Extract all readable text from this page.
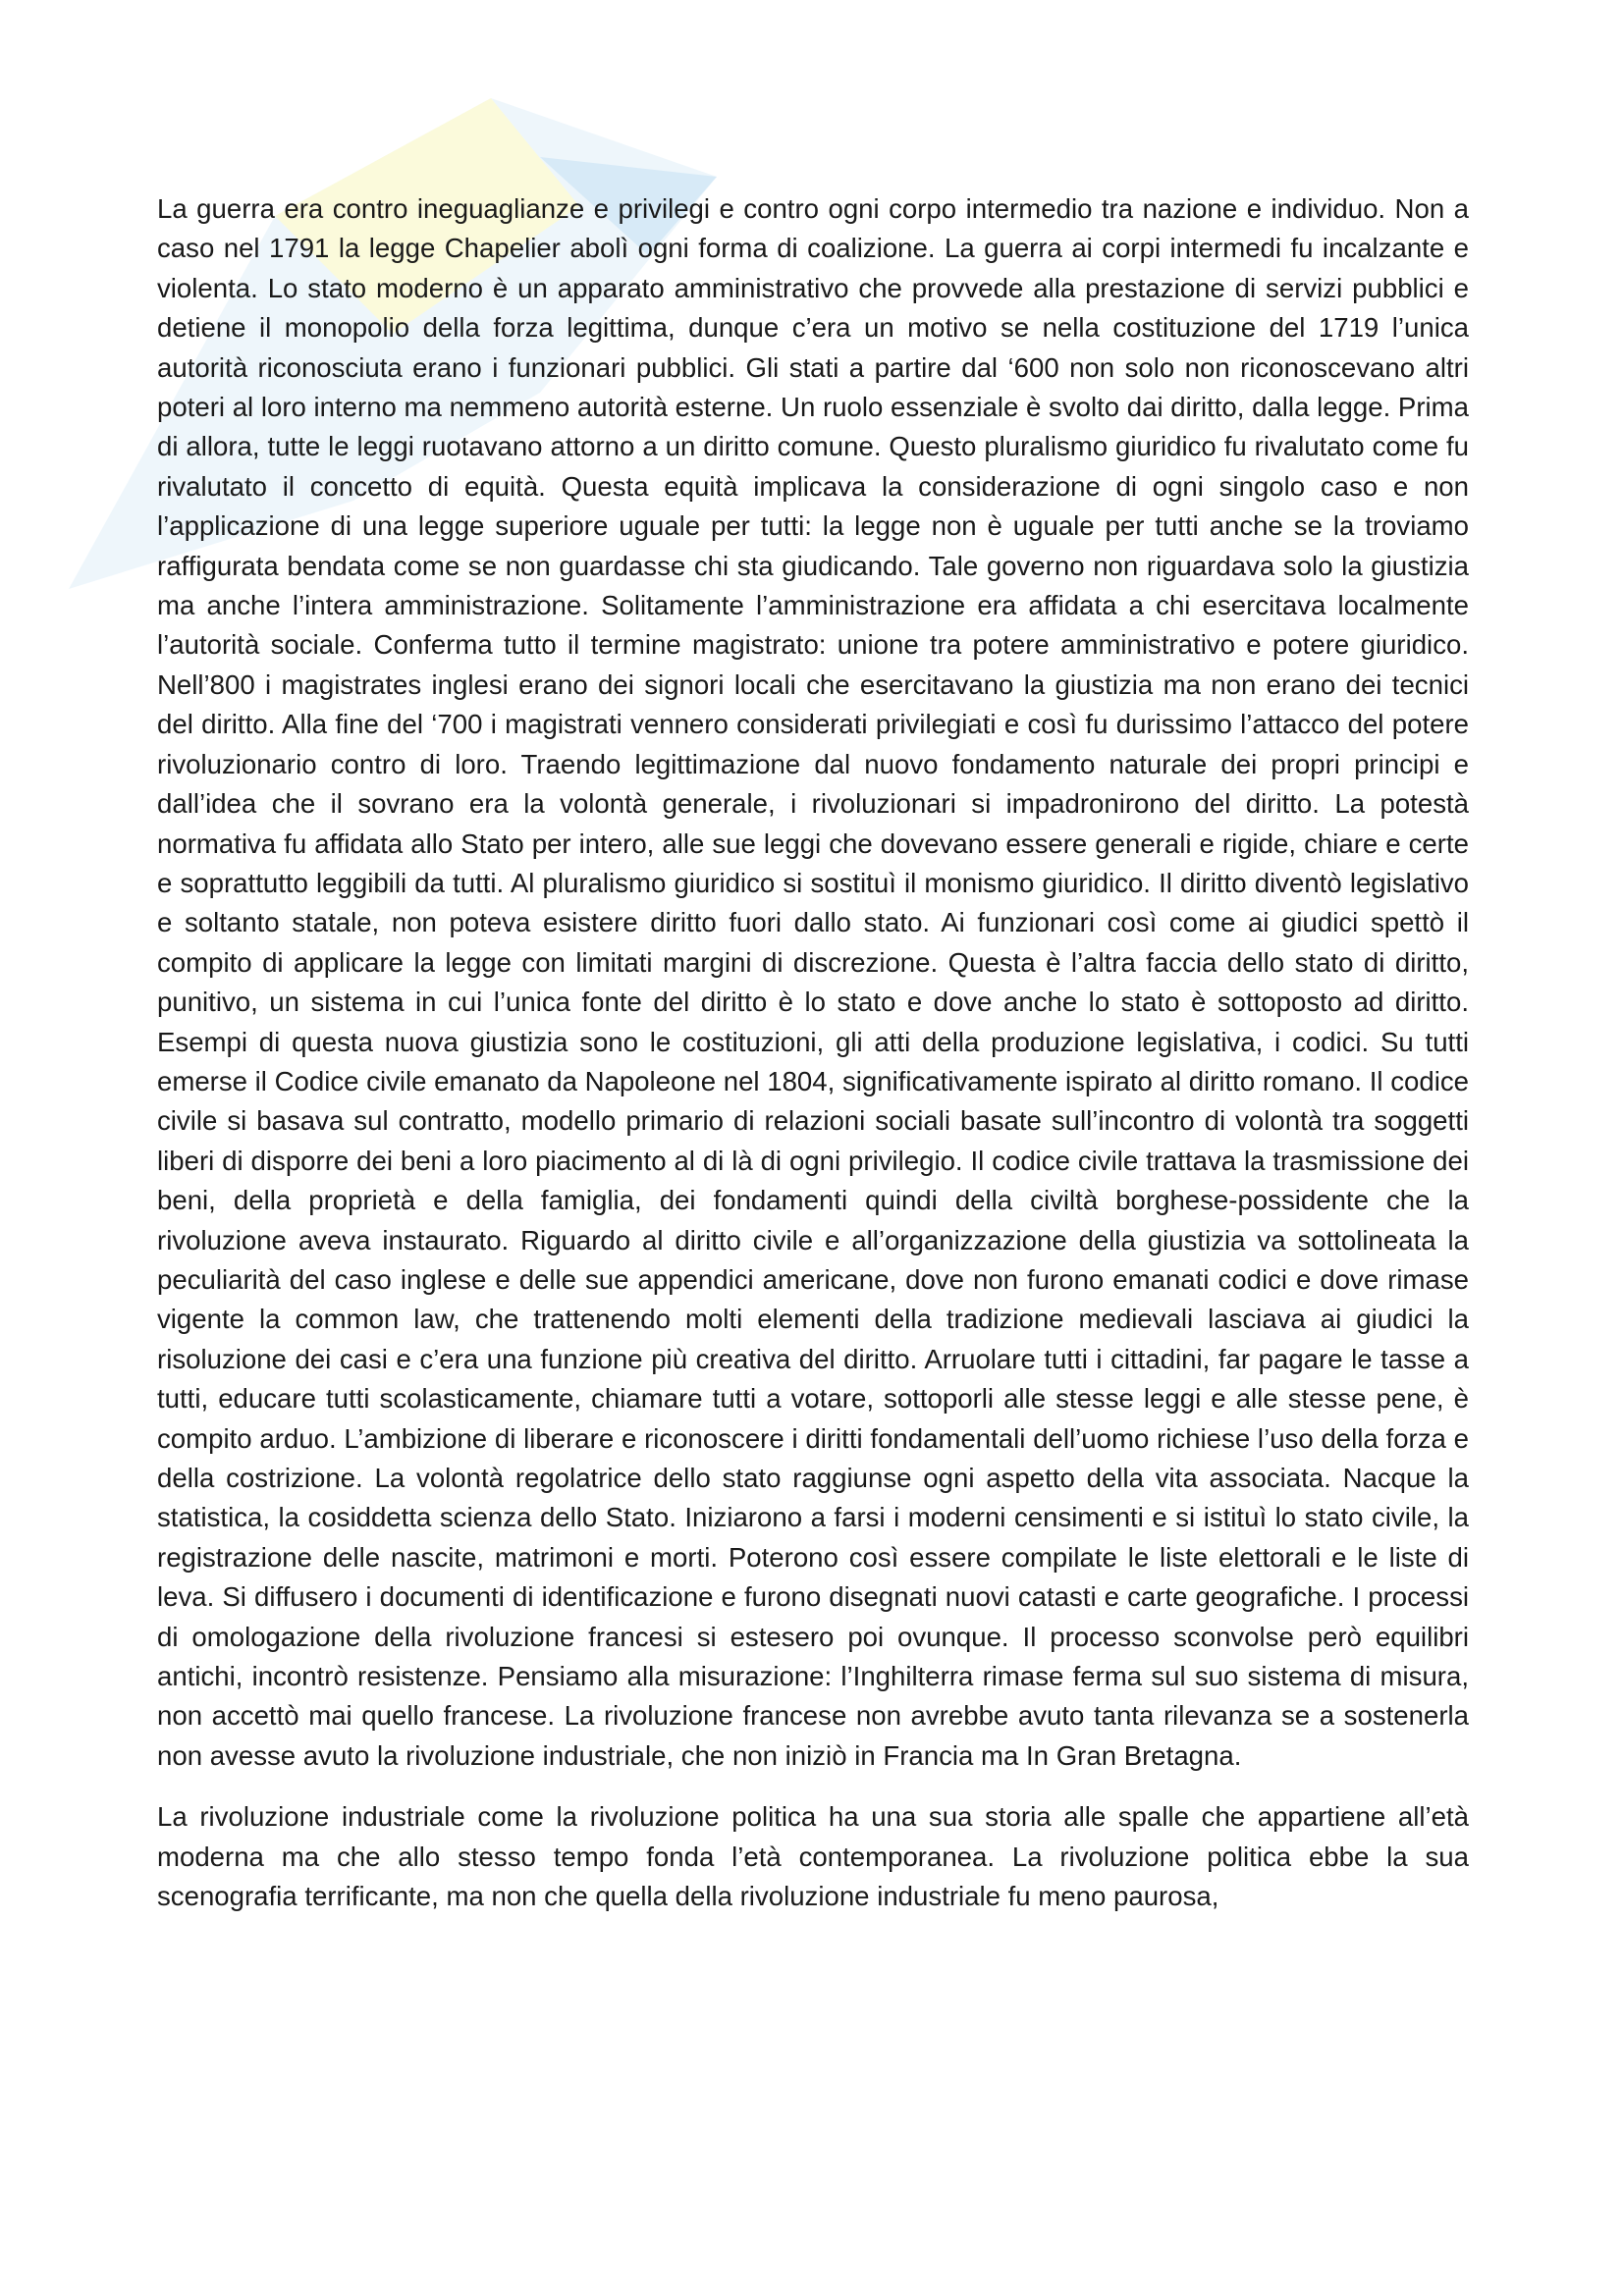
La guerra era contro ineguaglianze e privilegi e contro ogni corpo intermedio tra nazione e individuo. Non a caso nel 1791 la legge Chapelier abolì ogni forma di coalizione. La guerra ai corpi intermedi fu incalzante e violenta. Lo stato moderno è un apparato amministrativo che provvede alla prestazione di servizi pubblici e detiene il monopolio della forza legittima, dunque c’era un motivo se nella costituzione del 1719 l’unica autorità riconosciuta erano i funzionari pubblici. Gli stati a partire dal ‘600 non solo non riconoscevano altri poteri al loro interno ma nemmeno autorità esterne. Un ruolo essenziale è svolto dai diritto, dalla legge. Prima di allora, tutte le leggi ruotavano attorno a un diritto comune. Questo pluralismo giuridico fu rivalutato come fu rivalutato il concetto di equità. Questa equità implicava la considerazione di ogni singolo caso e non l’applicazione di una legge superiore uguale per tutti: la legge non è uguale per tutti anche se la troviamo raffigurata bendata come se non guardasse chi sta giudicando. Tale governo non riguardava solo la giustizia ma anche l’intera amministrazione. Solitamente l’amministrazione era affidata a chi esercitava localmente l’autorità sociale. Conferma tutto il termine magistrato: unione tra potere amministrativo e potere giuridico. Nell’800 i magistrates inglesi erano dei signori locali che esercitavano la giustizia ma non erano dei tecnici del diritto. Alla fine del ‘700 i magistrati vennero considerati privilegiati e così fu durissimo l’attacco del potere rivoluzionario contro di loro. Traendo legittimazione dal nuovo fondamento naturale dei propri principi e dall’idea che il sovrano era la volontà generale, i rivoluzionari si impadronirono del diritto. La potestà normativa fu affidata allo Stato per intero, alle sue leggi che dovevano essere generali e rigide, chiare e certe e soprattutto leggibili da tutti. Al pluralismo giuridico si sostituì il monismo giuridico. Il diritto diventò legislativo e soltanto statale, non poteva esistere diritto fuori dallo stato. Ai funzionari così come ai giudici spettò il compito di applicare la legge con limitati margini di discrezione. Questa è l’altra faccia dello stato di diritto, punitivo, un sistema in cui l’unica fonte del diritto è lo stato e dove anche lo stato è sottoposto ad diritto. Esempi di questa nuova giustizia sono le costituzioni, gli atti della produzione legislativa, i codici. Su tutti emerse il Codice civile emanato da Napoleone nel 1804, significativamente ispirato al diritto romano. Il codice civile si basava sul contratto, modello primario di relazioni sociali basate sull’incontro di volontà tra soggetti liberi di disporre dei beni a loro piacimento al di là di ogni privilegio. Il codice civile trattava la trasmissione dei beni, della proprietà e della famiglia, dei fondamenti quindi della civiltà borghese-possidente che la rivoluzione aveva instaurato. Riguardo al diritto civile e all’organizzazione della giustizia va sottolineata la peculiarità del caso inglese e delle sue appendici americane, dove non furono emanati codici e dove rimase vigente la common law, che trattenendo molti elementi della tradizione medievali lasciava ai giudici la risoluzione dei casi e c’era una funzione più creativa del diritto. Arruolare tutti i cittadini, far pagare le tasse a tutti, educare tutti scolasticamente, chiamare tutti a votare, sottoporli alle stesse leggi e alle stesse pene, è compito arduo. L’ambizione di liberare e riconoscere i diritti fondamentali dell’uomo richiese l’uso della forza e della costrizione. La volontà regolatrice dello stato raggiunse ogni aspetto della vita associata. Nacque la statistica, la cosiddetta scienza dello Stato. Iniziarono a farsi i moderni censimenti e si istituì lo stato civile, la registrazione delle nascite, matrimoni e morti. Poterono così essere compilate le liste elettorali e le liste di leva. Si diffusero i documenti di identificazione e furono disegnati nuovi catasti e carte geografiche. I processi di omologazione della rivoluzione francesi si estesero poi ovunque. Il processo sconvolse però equilibri antichi, incontrò resistenze. Pensiamo alla misurazione: l’Inghilterra rimase ferma sul suo sistema di misura, non accettò mai quello francese. La rivoluzione francese non avrebbe avuto tanta rilevanza se a sostenerla non avesse avuto la rivoluzione industriale, che non iniziò in Francia ma In Gran Bretagna.

La rivoluzione industriale come la rivoluzione politica ha una sua storia alle spalle che appartiene all’età moderna ma che allo stesso tempo fonda l’età contemporanea. La rivoluzione politica ebbe la sua scenografia terrificante, ma non che quella della rivoluzione industriale fu meno paurosa,
